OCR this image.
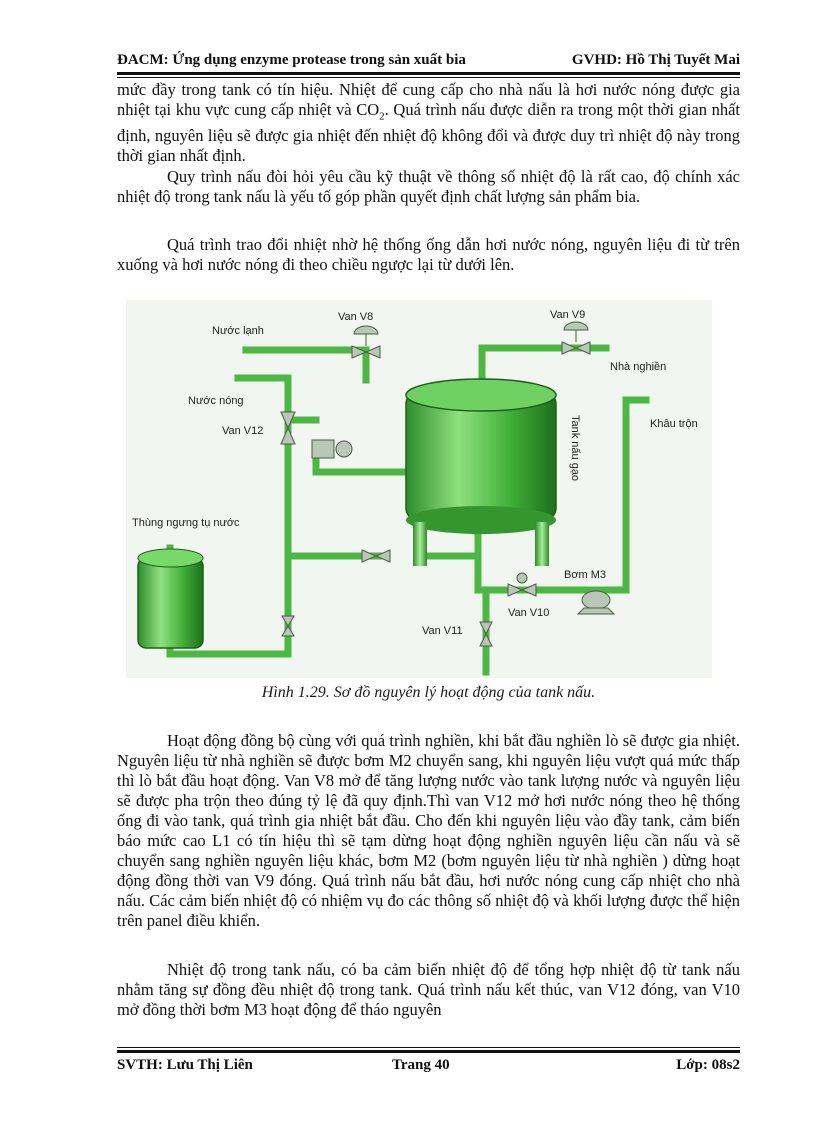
ĐACM: Ứng dụng enzyme protease trong sản xuất bia	GVHD: Hồ Thị Tuyết Mai
mức đầy trong tank có tín hiệu. Nhiệt để cung cấp cho nhà nấu là hơi nước nóng được gia nhiệt tại khu vực cung cấp nhiệt và $CO_2$. Quá trình nấu được diễn ra trong một thời gian nhất định, nguyên liệu sẽ được gia nhiệt đến nhiệt độ không đổi và được duy trì nhiệt độ này trong thời gian nhất định.
Quy trình nấu đòi hỏi yêu cầu kỹ thuật về thông số nhiệt độ là rất cao, độ chính xác nhiệt độ trong tank nấu là yếu tố góp phần quyết định chất lượng sản phẩm bia.
Quá trình trao đổi nhiệt nhờ hệ thống ống dẫn hơi nước nóng, nguyên liệu đi từ trên xuống và hơi nước nóng đi theo chiều ngược lại từ dưới lên.
Nước lạnh
Van V8	Van V9
Nhà nghiền
Nước nóng
Van V12	Tank nấu gạo	Khâu trộn
Thùng ngưng tụ nước
Bơm M3
Van V10
Van V11
Hình 1.29. Sơ đồ nguyên lý hoạt động của tank nấu.
Hoạt động đồng bộ cùng với quá trình nghiền, khi bắt đầu nghiền lò sẽ được gia nhiệt. Nguyên liệu từ nhà nghiền sẽ được bơm M2 chuyển sang, khi nguyên liệu vượt quá mức thấp thì lò bắt đầu hoạt động. Van V8 mở để tăng lượng nước vào tank lượng nước và nguyên liệu sẽ được pha trộn theo đúng tỷ lệ đã quy định.Thì van V12 mở hơi nước nóng theo hệ thống ống đi vào tank, quá trình gia nhiệt bắt đầu. Cho đến khi nguyên liệu vào đầy tank, cảm biến báo mức cao L1 có tín hiệu thì sẽ tạm dừng hoạt động nghiền nguyên liệu cần nấu và sẽ chuyển sang nghiền nguyên liệu khác, bơm M2 (bơm nguyên liệu từ nhà nghiền ) dừng hoạt động đồng thời van V9 đóng. Quá trình nấu bắt đầu, hơi nước nóng cung cấp nhiệt cho nhà nấu. Các cảm biến nhiệt độ có nhiệm vụ đo các thông số nhiệt độ và khối lượng được thể hiện trên panel điều khiển.
Nhiệt độ trong tank nấu, có ba cảm biến nhiệt độ để tổng hợp nhiệt độ từ tank nấu nhằm tăng sự đồng đều nhiệt độ trong tank. Quá trình nấu kết thúc, van V12 đóng, van V10 mở đồng thời bơm M3 hoạt động để tháo nguyên
SVTH: Lưu Thị Liên	Trang 40	Lớp: 08s2
